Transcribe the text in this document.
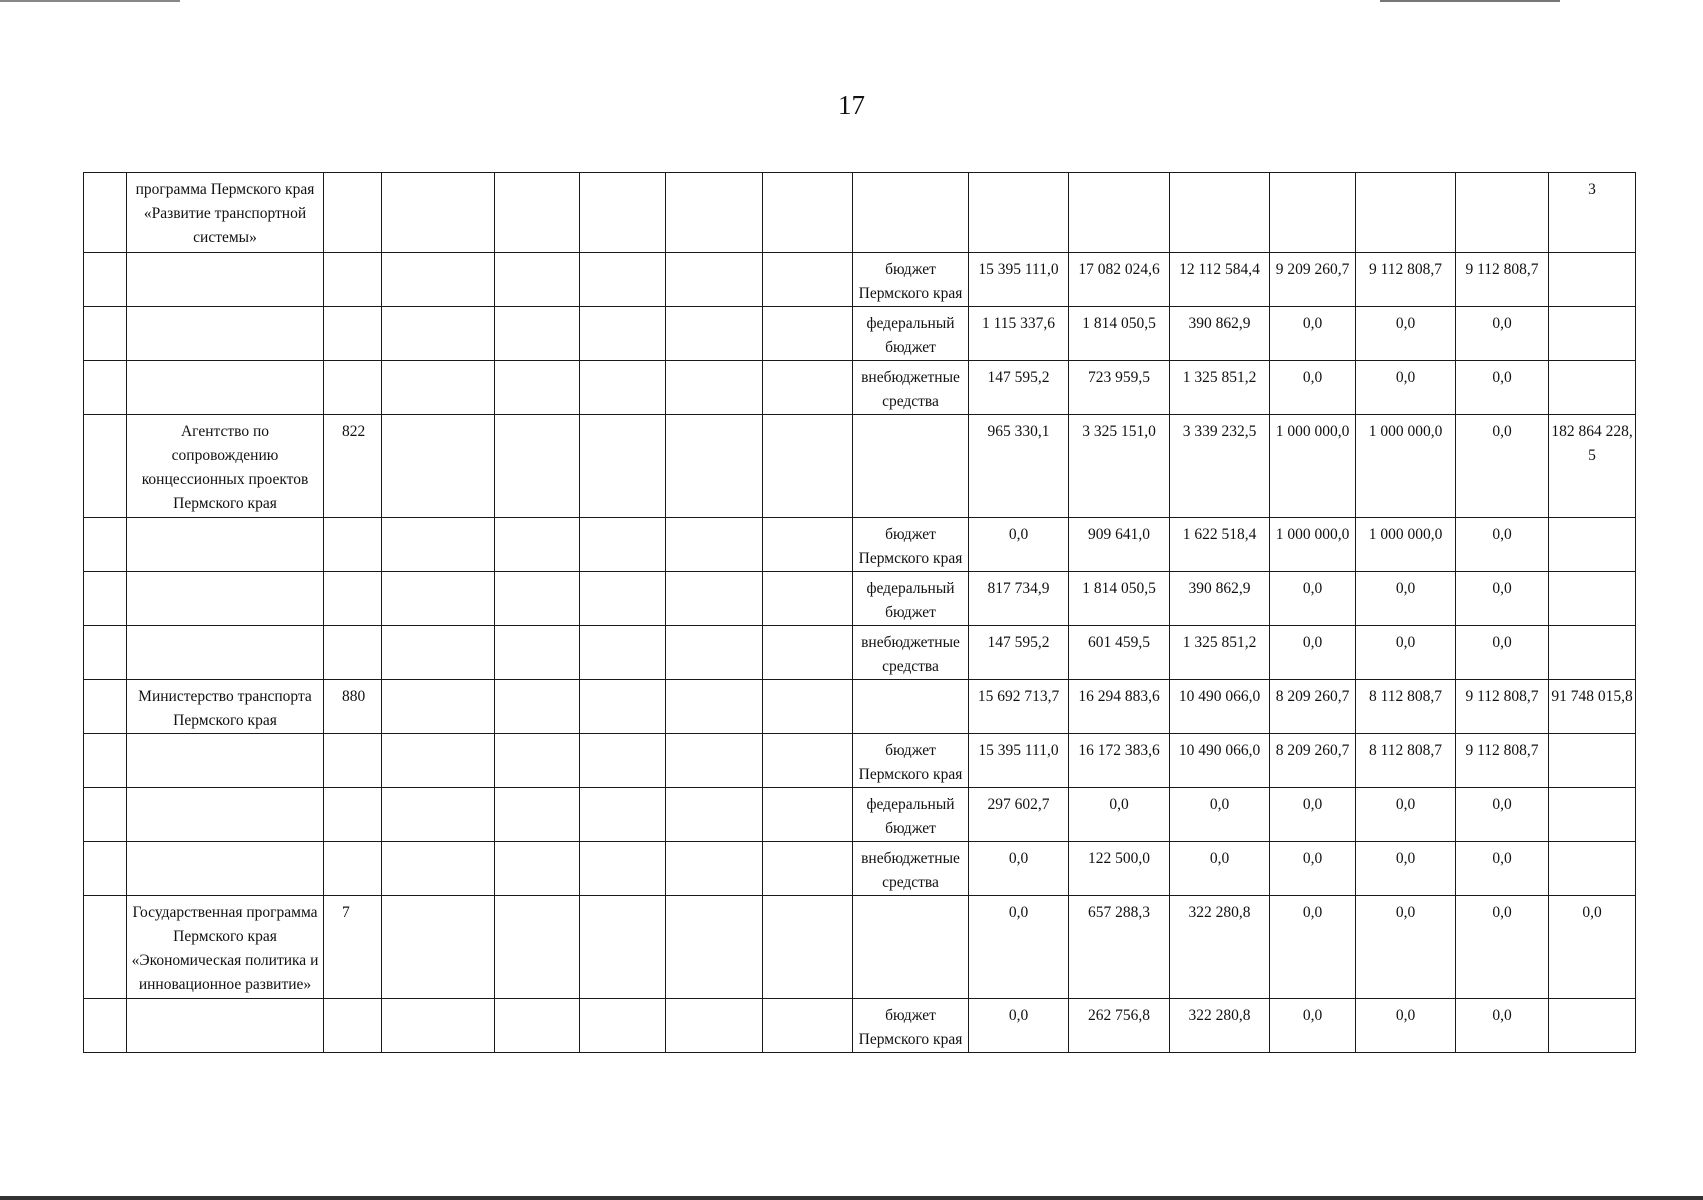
17
	программа Пермского края «Развитие транспортной системы»														3
								бюджет Пермского края	15 395 111,0	17 082 024,6	12 112 584,4	9 209 260,7	9 112 808,7	9 112 808,7	
								федеральный бюджет	1 115 337,6	1 814 050,5	390 862,9	0,0	0,0	0,0	
								внебюджетные средства	147 595,2	723 959,5	1 325 851,2	0,0	0,0	0,0	
	Агентство по сопровождению концессионных проектов Пермского края	822							965 330,1	3 325 151,0	3 339 232,5	1 000 000,0	1 000 000,0	0,0	182 864 228, 5
								бюджет Пермского края	0,0	909 641,0	1 622 518,4	1 000 000,0	1 000 000,0	0,0	
								федеральный бюджет	817 734,9	1 814 050,5	390 862,9	0,0	0,0	0,0	
								внебюджетные средства	147 595,2	601 459,5	1 325 851,2	0,0	0,0	0,0	
	Министерство транспорта Пермского края	880							15 692 713,7	16 294 883,6	10 490 066,0	8 209 260,7	8 112 808,7	9 112 808,7	91 748 015,8
								бюджет Пермского края	15 395 111,0	16 172 383,6	10 490 066,0	8 209 260,7	8 112 808,7	9 112 808,7	
								федеральный бюджет	297 602,7	0,0	0,0	0,0	0,0	0,0	
								внебюджетные средства	0,0	122 500,0	0,0	0,0	0,0	0,0	
	Государственная программа Пермского края «Экономическая политика и инновационное развитие»	7							0,0	657 288,3	322 280,8	0,0	0,0	0,0	0,0
								бюджет Пермского края	0,0	262 756,8	322 280,8	0,0	0,0	0,0	
